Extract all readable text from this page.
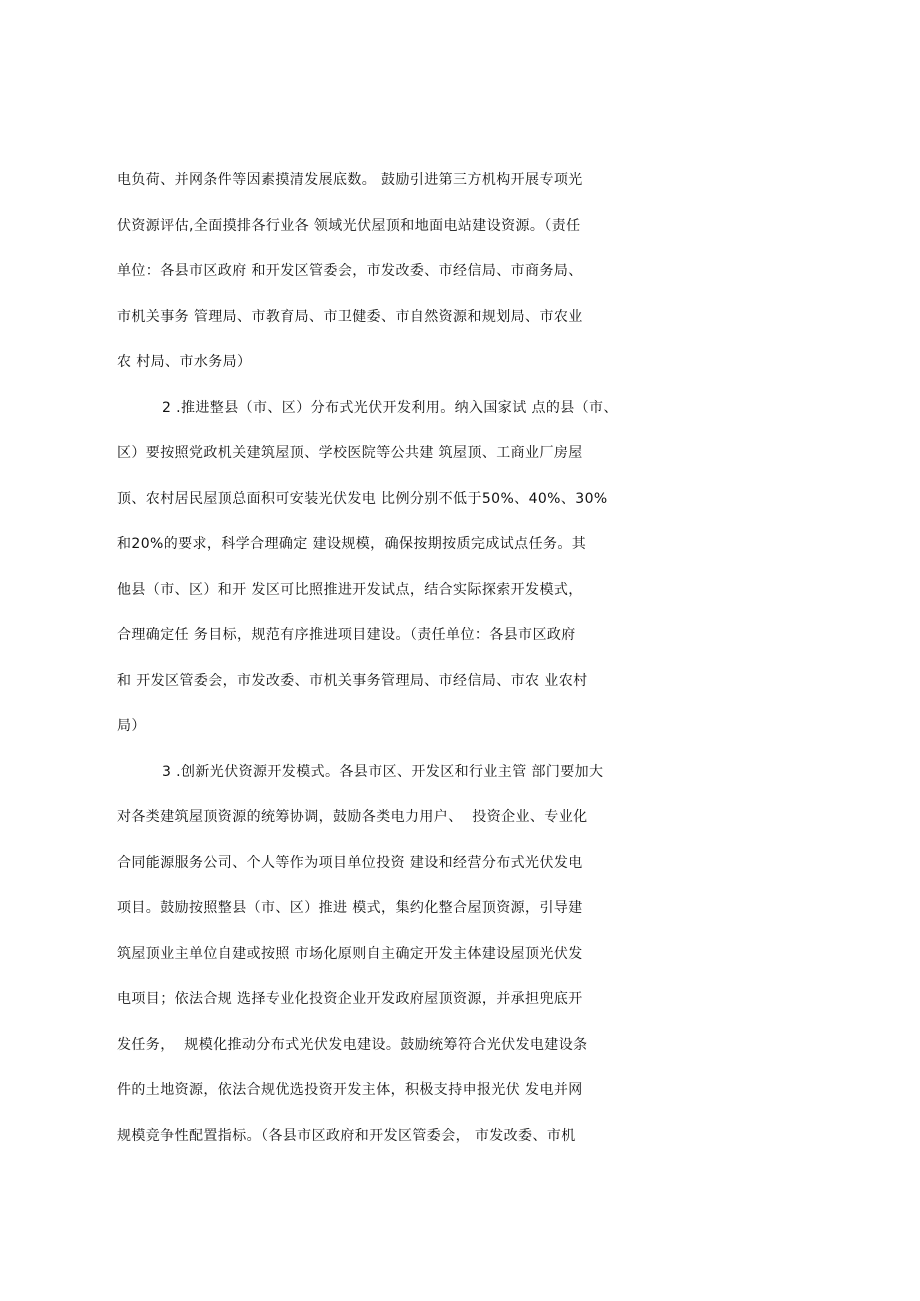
电负荷、并网条件等因素摸清发展底数。 鼓励引进第三方机构开展专项光
伏资源评估,全面摸排各行业各 领域光伏屋顶和地面电站建设资源。（责任
单位：各县市区政府 和开发区管委会，市发改委、市经信局、市商务局、
市机关事务 管理局、市教育局、市卫健委、市自然资源和规划局、市农业
农 村局、市水务局）
2 .推进整县（市、区）分布式光伏开发利用。纳入国家试 点的县（市、
区）要按照党政机关建筑屋顶、学校医院等公共建 筑屋顶、工商业厂房屋
顶、农村居民屋顶总面积可安装光伏发电 比例分别不低于50%、40%、30%
和20%的要求，科学合理确定 建设规模，确保按期按质完成试点任务。其
他县（市、区）和开 发区可比照推进开发试点，结合实际探索开发模式，
合理确定任 务目标，规范有序推进项目建设。（责任单位：各县市区政府
和 开发区管委会，市发改委、市机关事务管理局、市经信局、市农 业农村
局）
3 .创新光伏资源开发模式。各县市区、开发区和行业主管 部门要加大
对各类建筑屋顶资源的统筹协调，鼓励各类电力用户、  投资企业、专业化
合同能源服务公司、个人等作为项目单位投资 建设和经营分布式光伏发电
项目。鼓励按照整县（市、区）推进 模式，集约化整合屋顶资源，引导建
筑屋顶业主单位自建或按照 市场化原则自主确定开发主体建设屋顶光伏发
电项目；依法合规 选择专业化投资企业开发政府屋顶资源，并承担兜底开
发任务，  规模化推动分布式光伏发电建设。鼓励统筹符合光伏发电建设条
件的土地资源，依法合规优选投资开发主体，积极支持申报光伏 发电并网
规模竞争性配置指标。（各县市区政府和开发区管委会， 市发改委、市机
